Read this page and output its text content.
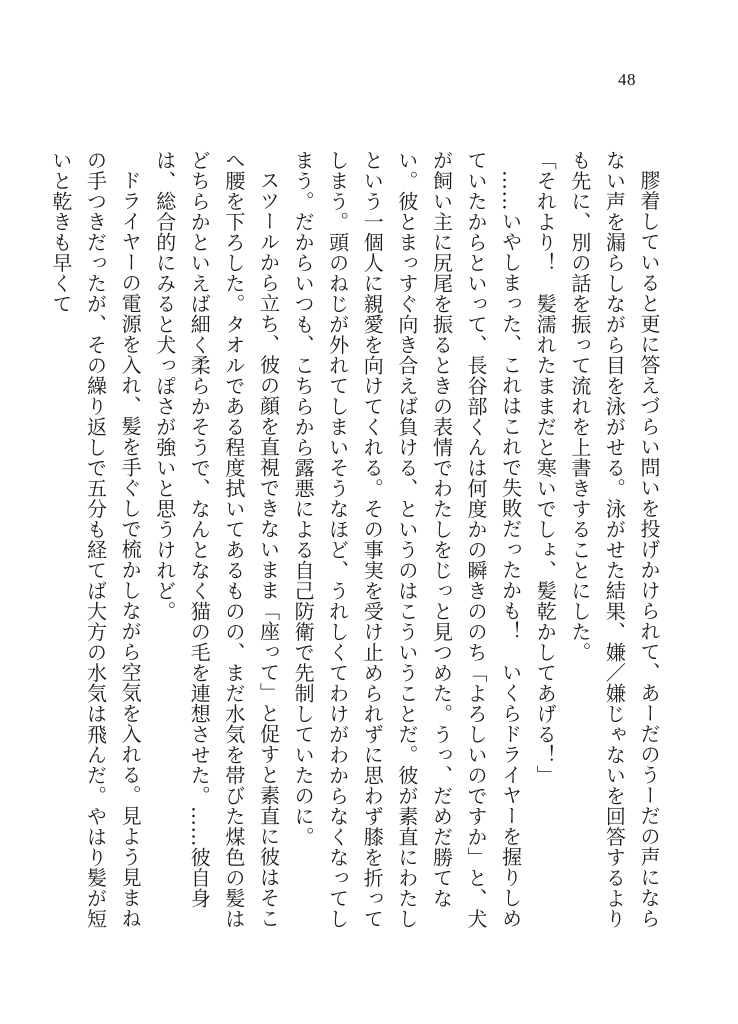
48

膠着していると更に答えづらい問いを投げかけられて、あーだのうーだの声にならない声を漏らしながら目を泳がせる。泳がせた結果、嫌／嫌じゃないを回答するよりも先に、別の話を振って流れを上書きすることにした。

「それより！　髪濡れたままだと寒いでしょ、髪乾かしてあげる！」

……いやしまった、これはこれで失敗だったかも！　いくらドライヤーを握りしめていたからといって、長谷部くんは何度かの瞬きののち「よろしいのですか」と、犬が飼い主に尻尾を振るときの表情でわたしをじっと見つめた。うっ、だめだ勝てない。彼とまっすぐ向き合えば負ける、というのはこういうことだ。彼が素直にわたしという一個人に親愛を向けてくれる。その事実を受け止められずに思わず膝を折ってしまう。頭のねじが外れてしまいそうなほど、うれしくてわけがわからなくなってしまう。だからいつも、こちらから露悪による自己防衛で先制していたのに。

スツールから立ち、彼の顔を直視できないまま「座って」と促すと素直に彼はそこへ腰を下ろした。タオルである程度拭いてあるものの、まだ水気を帯びた煤色の髪はどちらかといえば細く柔らかそうで、なんとなく猫の毛を連想させた。……彼自身は、総合的にみると犬っぽさが強いと思うけれど。

ドライヤーの電源を入れ、髪を手ぐしで梳かしながら空気を入れる。見よう見まねの手つきだったが、その繰り返しで五分も経てば大方の水気は飛んだ。やはり髪が短いと乾きも早くて
